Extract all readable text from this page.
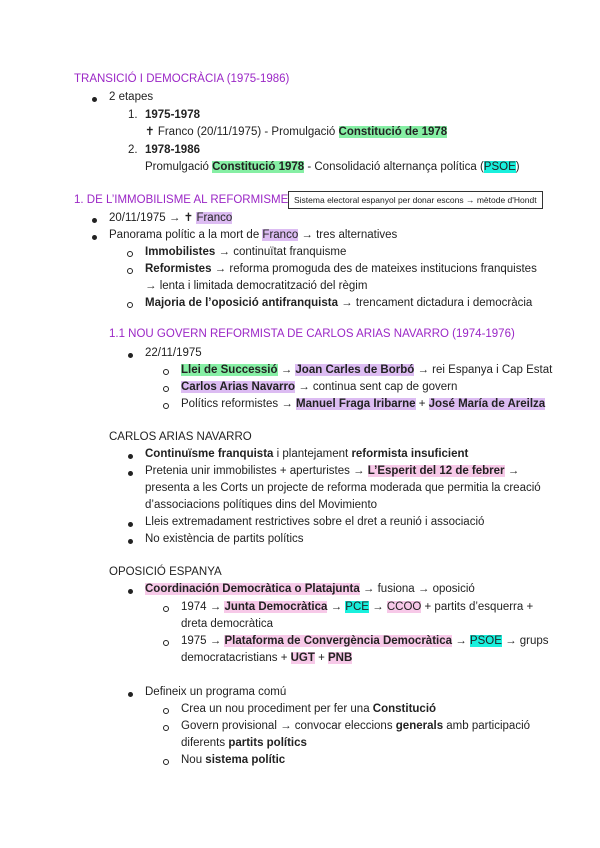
TRANSICIÓ I DEMOCRÀCIA (1975-1986)
2 etapes
1. 1975-1978
✝ Franco (20/11/1975) - Promulgació Constitució de 1978
2. 1978-1986
Promulgació Constitució 1978 - Consolidació alternança política (PSOE)
1. DE L’IMMOBILISME AL REFORMISME Sistema electoral espanyol per donar escons → mètode d'Hondt
20/11/1975 → ✝ Franco
Panorama polític a la mort de Franco → tres alternatives
Immobilistes → continuïtat franquisme
Reformistes → reforma promoguda des de mateixes institucions franquistes
→ lenta i limitada democratització del règim
Majoria de l’oposició antifranquista → trencament dictadura i democràcia
1.1 NOU GOVERN REFORMISTA DE CARLOS ARIAS NAVARRO (1974-1976)
22/11/1975
Llei de Successió → Joan Carles de Borbó → rei Espanya i Cap Estat
Carlos Arias Navarro → continua sent cap de govern
Polítics reformistes → Manuel Fraga Iribarne + José María de Areilza
CARLOS ARIAS NAVARRO
Continuïsme franquista i plantejament reformista insuficient
Pretenia unir immobilistes + aperturistes → L’Esperit del 12 de febrer →
presenta a les Corts un projecte de reforma moderada que permitia la creació
d’associacions polítiques dins del Movimiento
Lleis extremadament restrictives sobre el dret a reunió i associació
No existència de partits polítics
OPOSICIÓ ESPANYA
Coordinación Democràtica o Platajunta → fusiona → oposició
1974 → Junta Democràtica → PCE → CCOO + partits d’esquerra +
dreta democràtica
1975 → Plataforma de Convergència Democràtica → PSOE → grups
democratacristians + UGT + PNB
Defineix un programa comú
Crea un nou procediment per fer una Constitució
Govern provisional → convocar eleccions generals amb participació
diferents partits polítics
Nou sistema polític
